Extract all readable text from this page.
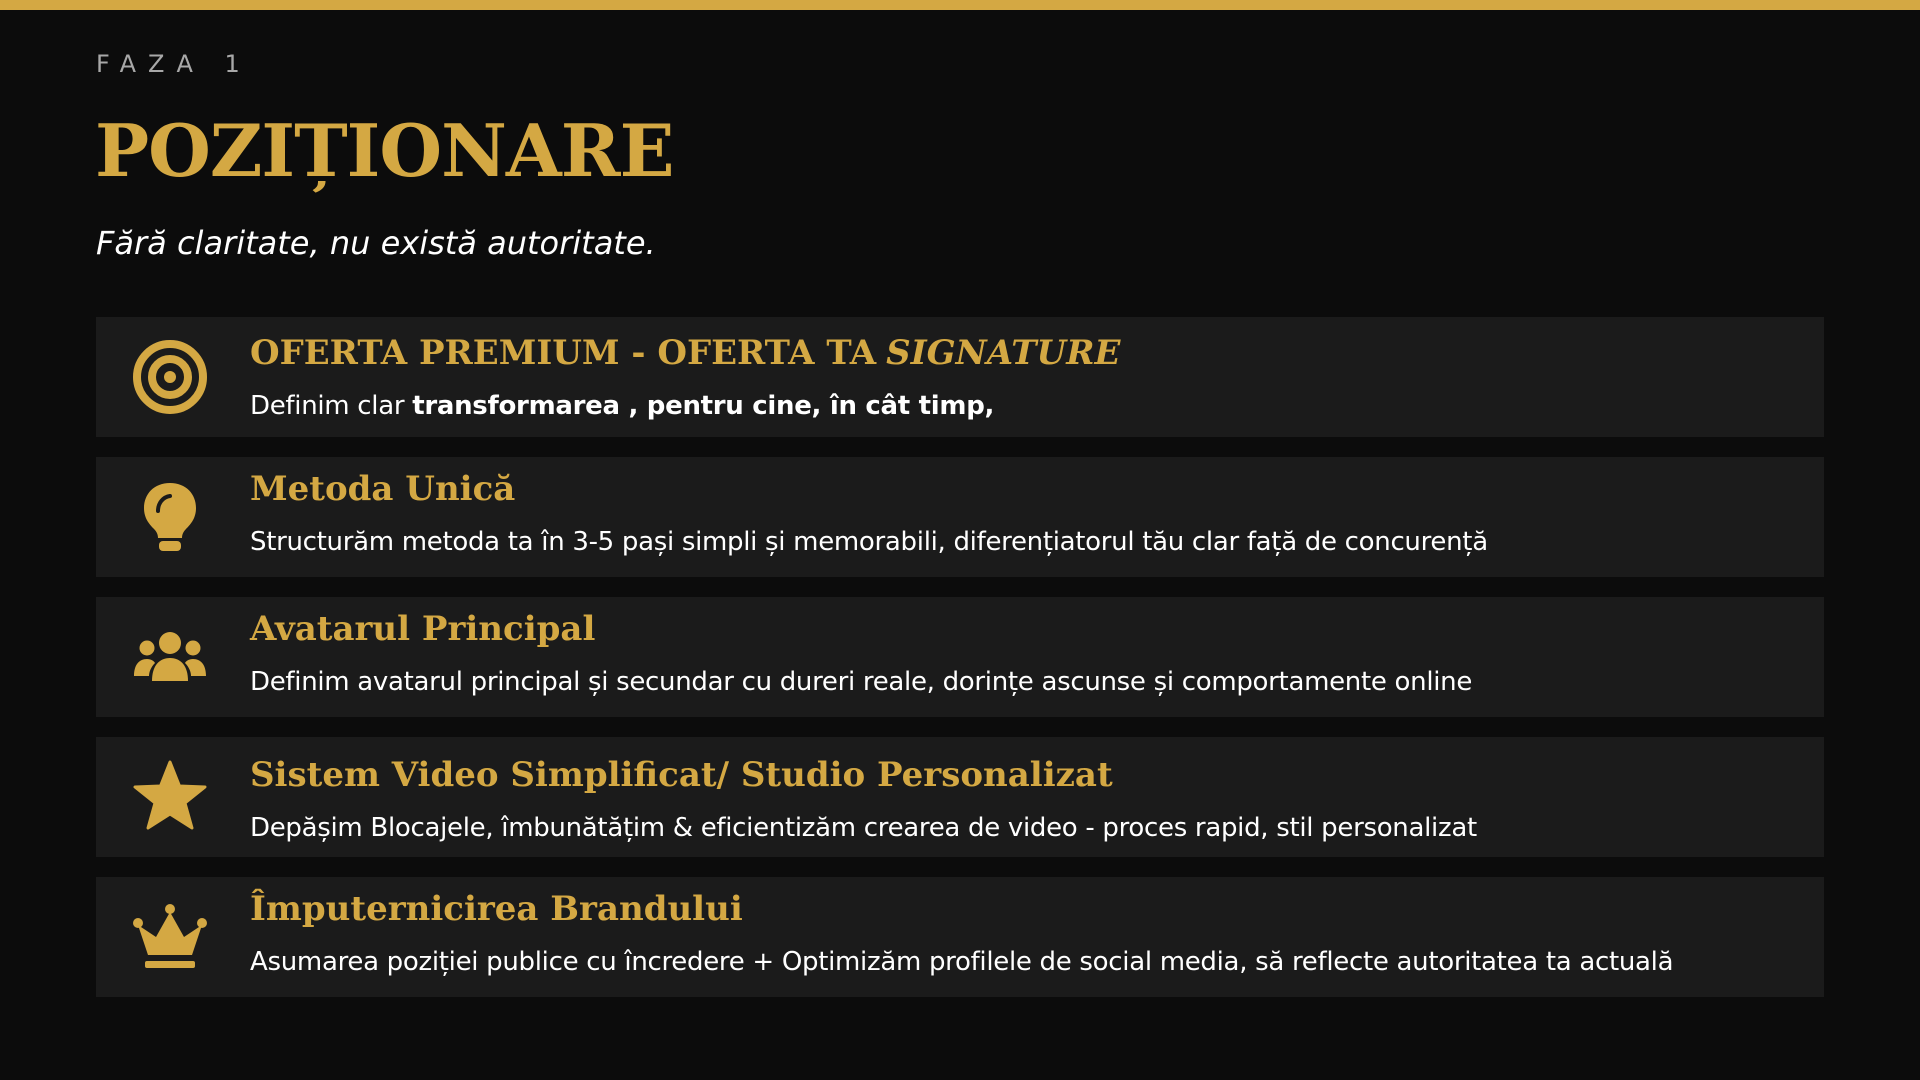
FAZA 1

POZIȚIONARE

Fără claritate, nu există autoritate.

OFERTA PREMIUM - OFERTA TA SIGNATURE

Definim clar transformarea , pentru cine, în cât timp,

Metoda Unică

Structurăm metoda ta în 3-5 pași simpli și memorabili, diferențiatorul tău clar față de concurență

Avatarul Principal

Definim avatarul principal și secundar cu dureri reale, dorințe ascunse și comportamente online

Sistem Video Simplificat/ Studio Personalizat

Depășim Blocajele, îmbunătățim & eficientizăm crearea de video - proces rapid, stil personalizat

Împuternicirea Brandului

Asumarea poziției publice cu încredere + Optimizăm profilele de social media, să reflecte autoritatea ta actuală
